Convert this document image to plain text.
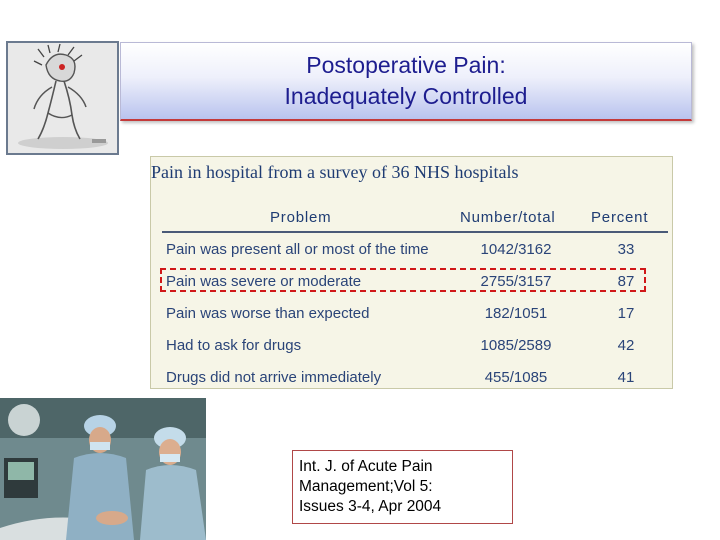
Postoperative Pain:
Inadequately Controlled
Pain in hospital from a survey of 36 NHS hospitals
Problem	Number/total Percent
Pain was present all or most of the time	1042/3162	33
Pain was severe or moderate	2755/3157	87
Pain was worse than expected	182/1051	17
Had to ask for drugs	1085/2589	42
Drugs did not arrive immediately	455/1085	41
Int. J. of Acute Pain
Management;Vol 5:
Issues 3-4, Apr 2004
